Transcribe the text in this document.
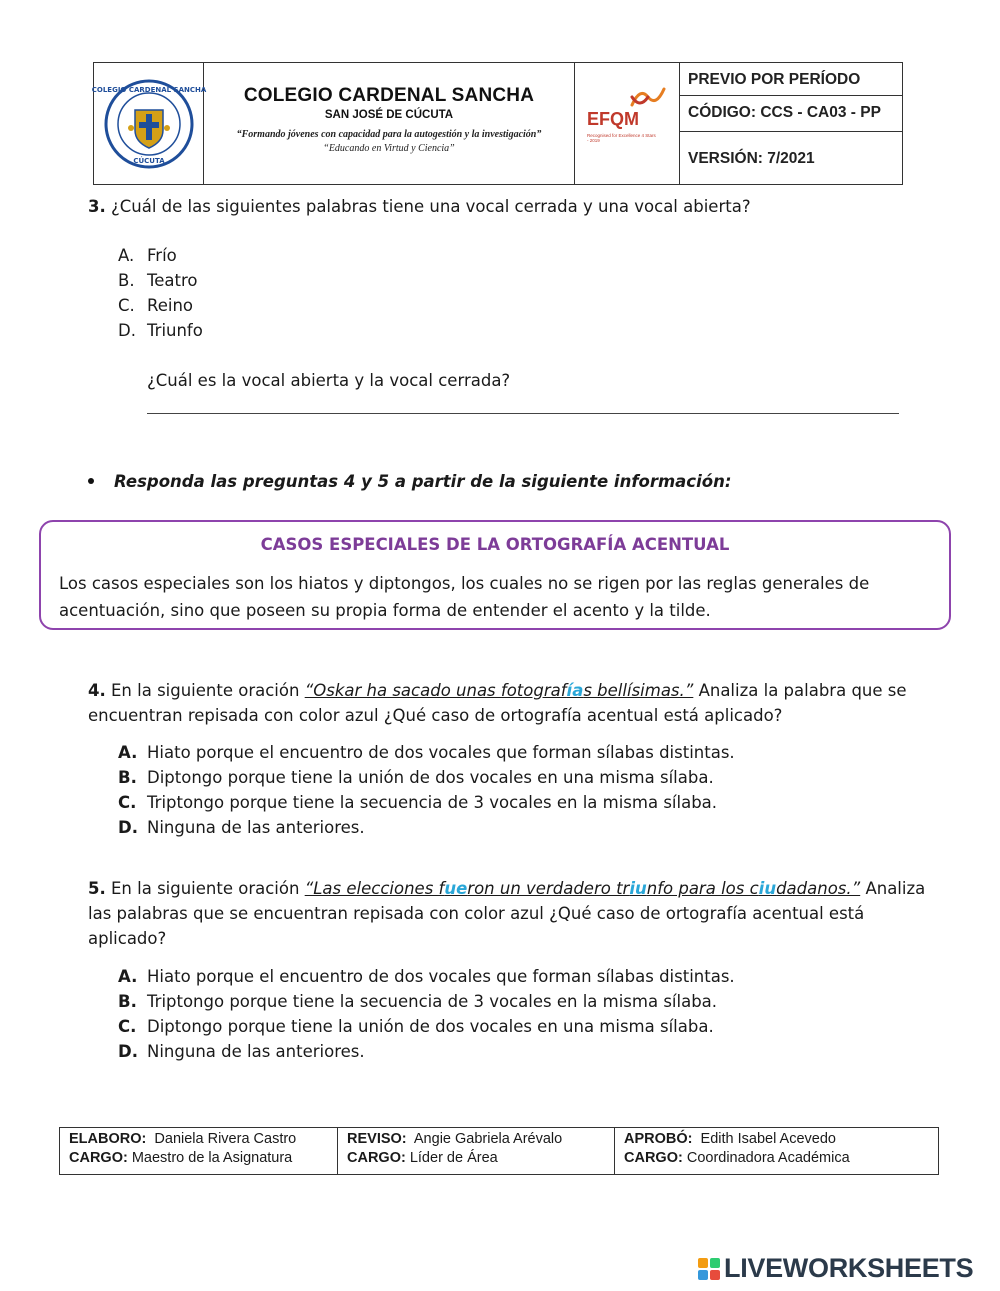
COLEGIO CARDENAL SANCHA
CÚCUTA
COLEGIO CARDENAL SANCHA
SAN JOSÉ DE CÚCUTA
“Formando jóvenes con capacidad para la autogestión y la investigación”
“Educando en Virtud y Ciencia”
EFQM
Recognised for Excellence 4 Stars - 2019
PREVIO POR PERÍODO
CÓDIGO: CCS - CA03 - PP
VERSIÓN: 7/2021
3. ¿Cuál de las siguientes palabras tiene una vocal cerrada y una vocal abierta?
A. Frío
B. Teatro
C. Reino
D. Triunfo
¿Cuál es la vocal abierta y la vocal cerrada?
Responda las preguntas 4 y 5 a partir de la siguiente información:
CASOS ESPECIALES DE LA ORTOGRAFÍA ACENTUAL
Los casos especiales son los hiatos y diptongos, los cuales no se rigen por las reglas generales de
acentuación, sino que poseen su propia forma de entender el acento y la tilde.
4. En la siguiente oración “Oskar ha sacado unas fotografías bellísimas.” Analiza la palabra que se
encuentran repisada con color azul ¿Qué caso de ortografía acentual está aplicado?
A. Hiato porque el encuentro de dos vocales que forman sílabas distintas.
B. Diptongo porque tiene la unión de dos vocales en una misma sílaba.
C. Triptongo porque tiene la secuencia de 3 vocales en la misma sílaba.
D. Ninguna de las anteriores.
5. En la siguiente oración “Las elecciones fueron un verdadero triunfo para los ciudadanos.” Analiza
las palabras que se encuentran repisada con color azul ¿Qué caso de ortografía acentual está
aplicado?
A. Hiato porque el encuentro de dos vocales que forman sílabas distintas.
B. Triptongo porque tiene la secuencia de 3 vocales en la misma sílaba.
C. Diptongo porque tiene la unión de dos vocales en una misma sílaba.
D. Ninguna de las anteriores.
ELABORO: Daniela Rivera Castro
CARGO: Maestro de la Asignatura
REVISO: Angie Gabriela Arévalo
CARGO: Líder de Área
APROBÓ: Edith Isabel Acevedo
CARGO: Coordinadora Académica
LIVEWORKSHEETS
